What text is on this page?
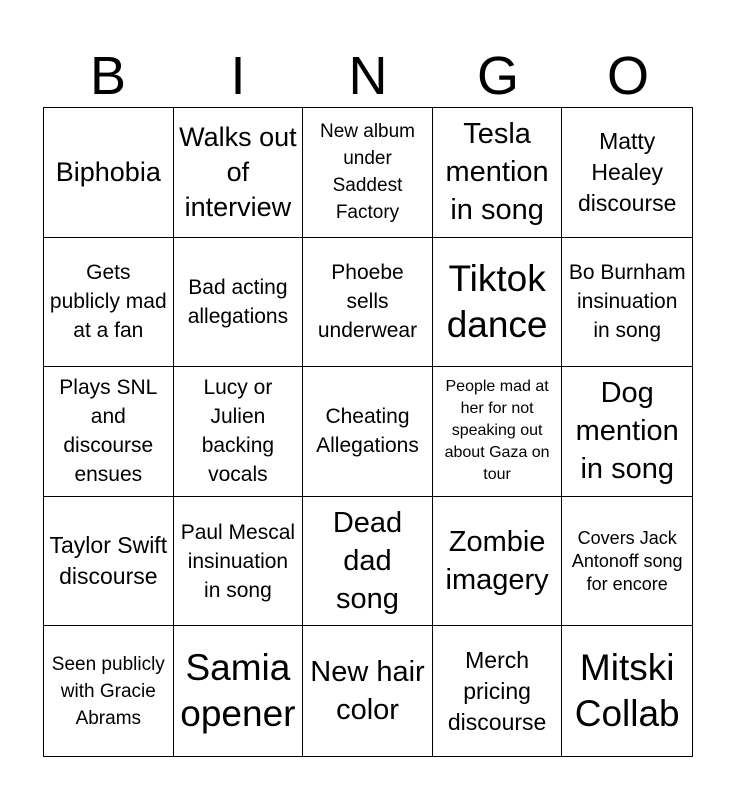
B	I	N	G	O
Biphobia
Walks out of interview
New album under Saddest Factory
Tesla mention in song
Matty Healey discourse
Gets publicly mad at a fan
Bad acting allegations
Phoebe sells underwear
Tiktok dance
Bo Burnham insinuation in song
Plays SNL and discourse ensues
Lucy or Julien backing vocals
Cheating Allegations
People mad at her for not speaking out about Gaza on tour
Dog mention in song
Taylor Swift discourse
Paul Mescal insinuation in song
Dead dad song
Zombie imagery
Covers Jack Antonoff song for encore
Seen publicly with Gracie Abrams
Samia opener
New hair color
Merch pricing discourse
Mitski Collab
